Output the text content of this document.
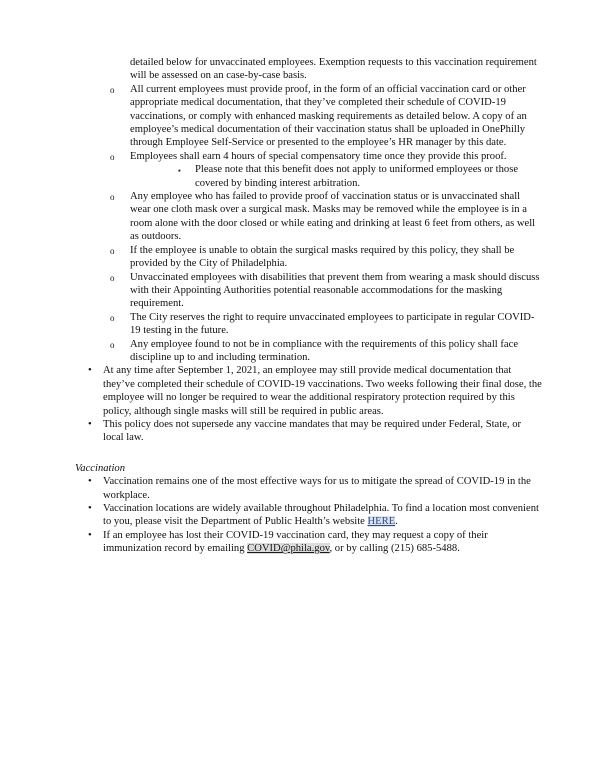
detailed below for unvaccinated employees. Exemption requests to this vaccination requirement will be assessed on an case-by-case basis.
o	All current employees must provide proof, in the form of an official vaccination card or other appropriate medical documentation, that they’ve completed their schedule of COVID-19 vaccinations, or comply with enhanced masking requirements as detailed below. A copy of an employee’s medical documentation of their vaccination status shall be uploaded in OnePhilly through Employee Self-Service or presented to the employee’s HR manager by this date.
o	Employees shall earn 4 hours of special compensatory time once they provide this proof.
▪	Please note that this benefit does not apply to uniformed employees or those covered by binding interest arbitration.
o	Any employee who has failed to provide proof of vaccination status or is unvaccinated shall wear one cloth mask over a surgical mask. Masks may be removed while the employee is in a room alone with the door closed or while eating and drinking at least 6 feet from others, as well as outdoors.
o	If the employee is unable to obtain the surgical masks required by this policy, they shall be provided by the City of Philadelphia.
o	Unvaccinated employees with disabilities that prevent them from wearing a mask should discuss with their Appointing Authorities potential reasonable accommodations for the masking requirement.
o	The City reserves the right to require unvaccinated employees to participate in regular COVID-19 testing in the future.
o	Any employee found to not be in compliance with the requirements of this policy shall face discipline up to and including termination.
•	At any time after September 1, 2021, an employee may still provide medical documentation that they’ve completed their schedule of COVID-19 vaccinations. Two weeks following their final dose, the employee will no longer be required to wear the additional respiratory protection required by this policy, although single masks will still be required in public areas.
•	This policy does not supersede any vaccine mandates that may be required under Federal, State, or local law.
Vaccination
•	Vaccination remains one of the most effective ways for us to mitigate the spread of COVID-19 in the workplace.
•	Vaccination locations are widely available throughout Philadelphia. To find a location most convenient to you, please visit the Department of Public Health’s website HERE.
•	If an employee has lost their COVID-19 vaccination card, they may request a copy of their immunization record by emailing COVID@phila.gov, or by calling (215) 685-5488.
